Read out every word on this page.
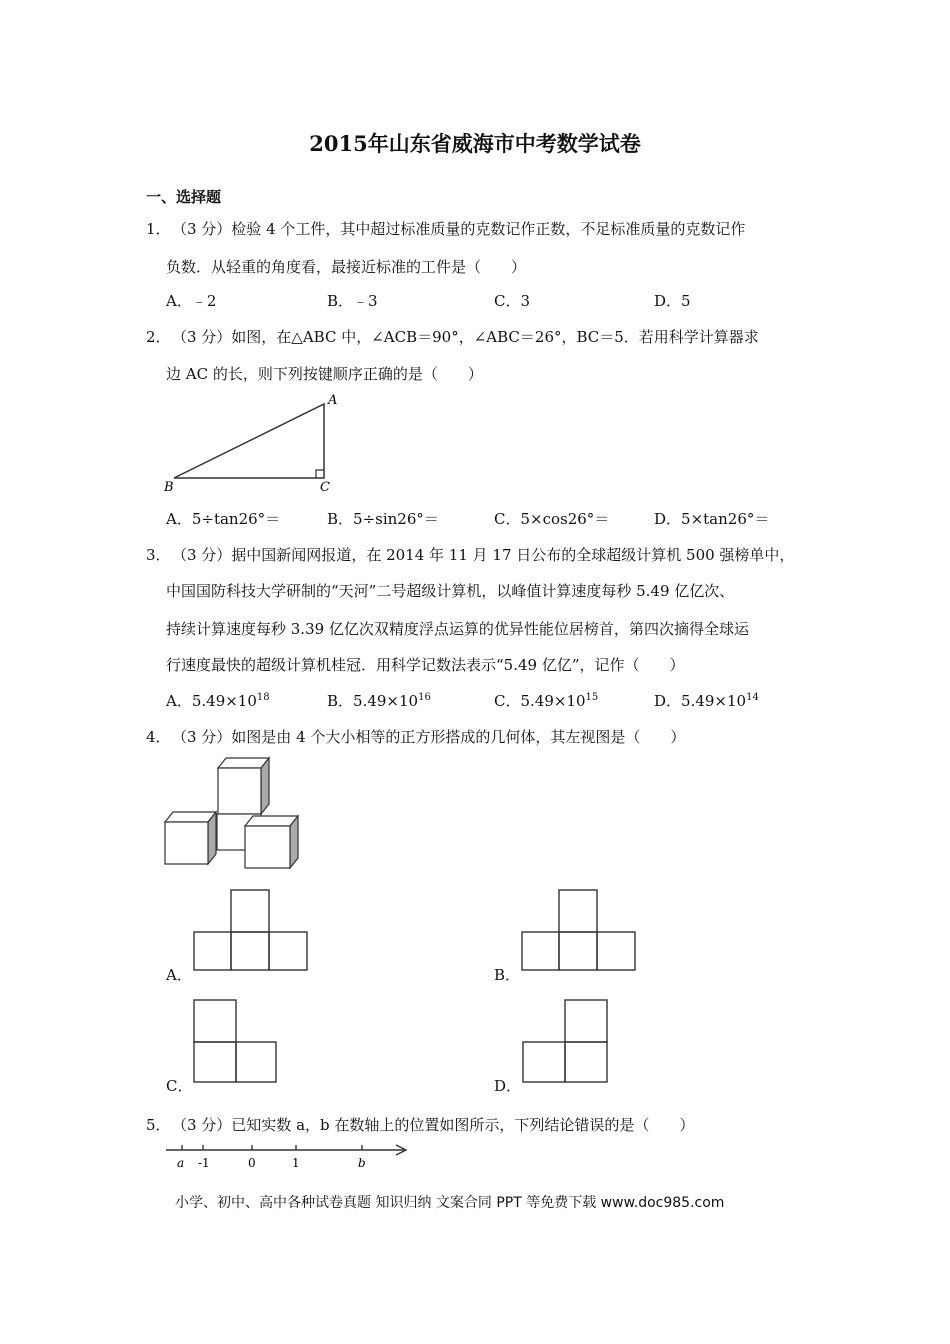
2015年山东省威海市中考数学试卷
一、选择题
1． （3 分）检验 4 个工件，其中超过标准质量的克数记作正数，不足标准质量的克数记作
负数．从轻重的角度看，最接近标准的工件是（　　）
A．﹣2	B．﹣3	C．3	D．5
2． （3 分）如图，在△ABC 中，∠ACB＝90°，∠ABC＝26°，BC＝5．若用科学计算器求
边 AC 的长，则下列按键顺序正确的是（　　）
A
B	C
A．5÷tan26°＝	B．5÷sin26°＝	C．5×cos26°＝	D．5×tan26°＝
3． （3 分）据中国新闻网报道，在 2014 年 11 月 17 日公布的全球超级计算机 500 强榜单中，
中国国防科技大学研制的“天河”二号超级计算机，以峰值计算速度每秒 5.49 亿亿次、
持续计算速度每秒 3.39 亿亿次双精度浮点运算的优异性能位居榜首，第四次摘得全球运
行速度最快的超级计算机桂冠．用科学记数法表示“5.49 亿亿”，记作（　　）
A．$5.49\times 10^{18}$	B．$5.49\times 10^{16}$	C．$5.49\times 10^{15}$	D．$5.49\times 10^{14}$
4． （3 分）如图是由 4 个大小相等的正方形搭成的几何体，其左视图是（　　）
A．	B．
C．	D．
5． （3 分）已知实数 a，b 在数轴上的位置如图所示，下列结论错误的是（　　）
a -1	0	1	b
小学、初中、高中各种试卷真题 知识归纳 文案合同 PPT 等免费下载 www.doc985.com
